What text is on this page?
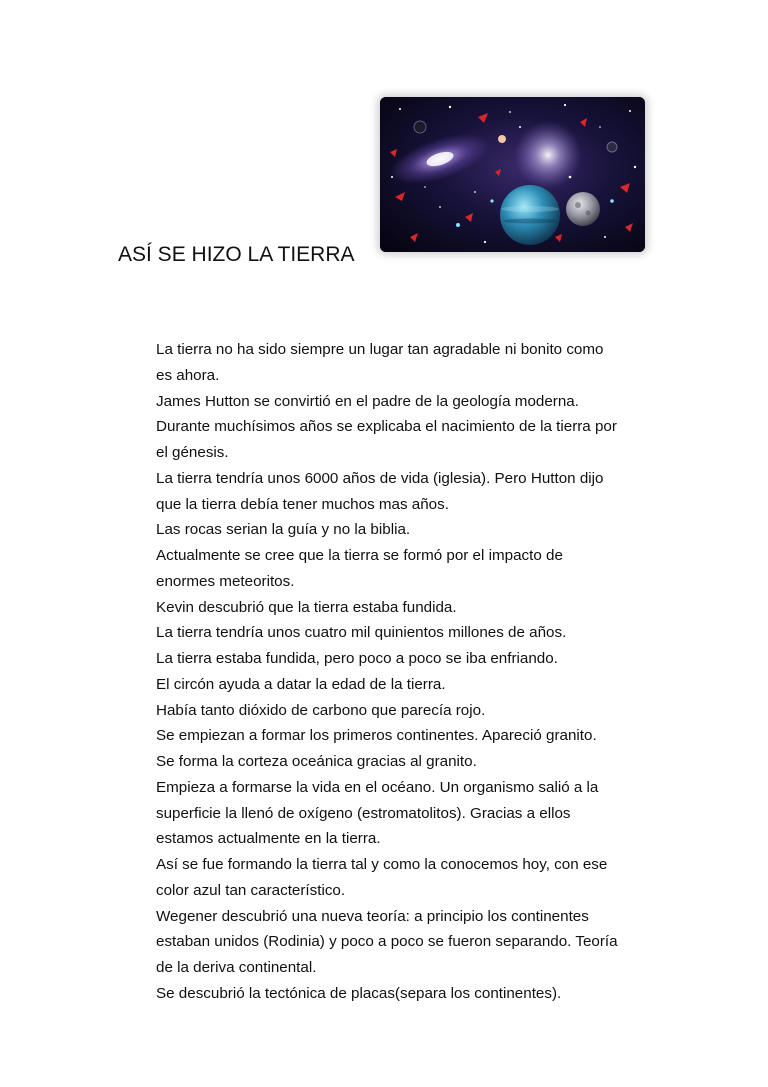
ASÍ SE HIZO LA TIERRA
La tierra no ha sido siempre un lugar tan agradable ni bonito como
es ahora.
James Hutton se convirtió en el padre de la geología moderna.
Durante muchísimos años se explicaba el nacimiento de la tierra por
el génesis.
La tierra tendría unos 6000 años de vida (iglesia). Pero Hutton dijo
que la tierra debía tener muchos mas años.
Las rocas serian la guía y no la biblia.
Actualmente se cree que la tierra se formó por el impacto de
enormes meteoritos.
Kevin descubrió que la tierra estaba fundida.
La tierra tendría unos cuatro mil quinientos millones de años.
La tierra estaba fundida, pero poco a poco se iba enfriando.
El circón ayuda a datar la edad de la tierra.
Había tanto dióxido de carbono que parecía rojo.
Se empiezan a formar los primeros continentes. Apareció granito.
Se forma la corteza oceánica gracias al granito.
Empieza a formarse la vida en el océano. Un organismo salió a la
superficie la llenó de oxígeno (estromatolitos). Gracias a ellos
estamos actualmente en la tierra.
Así se fue formando la tierra tal y como la conocemos hoy, con ese
color azul tan característico.
Wegener descubrió una nueva teoría: a principio los continentes
estaban unidos (Rodinia) y poco a poco se fueron separando. Teoría
de la deriva continental.
Se descubrió la tectónica de placas(separa los continentes).
